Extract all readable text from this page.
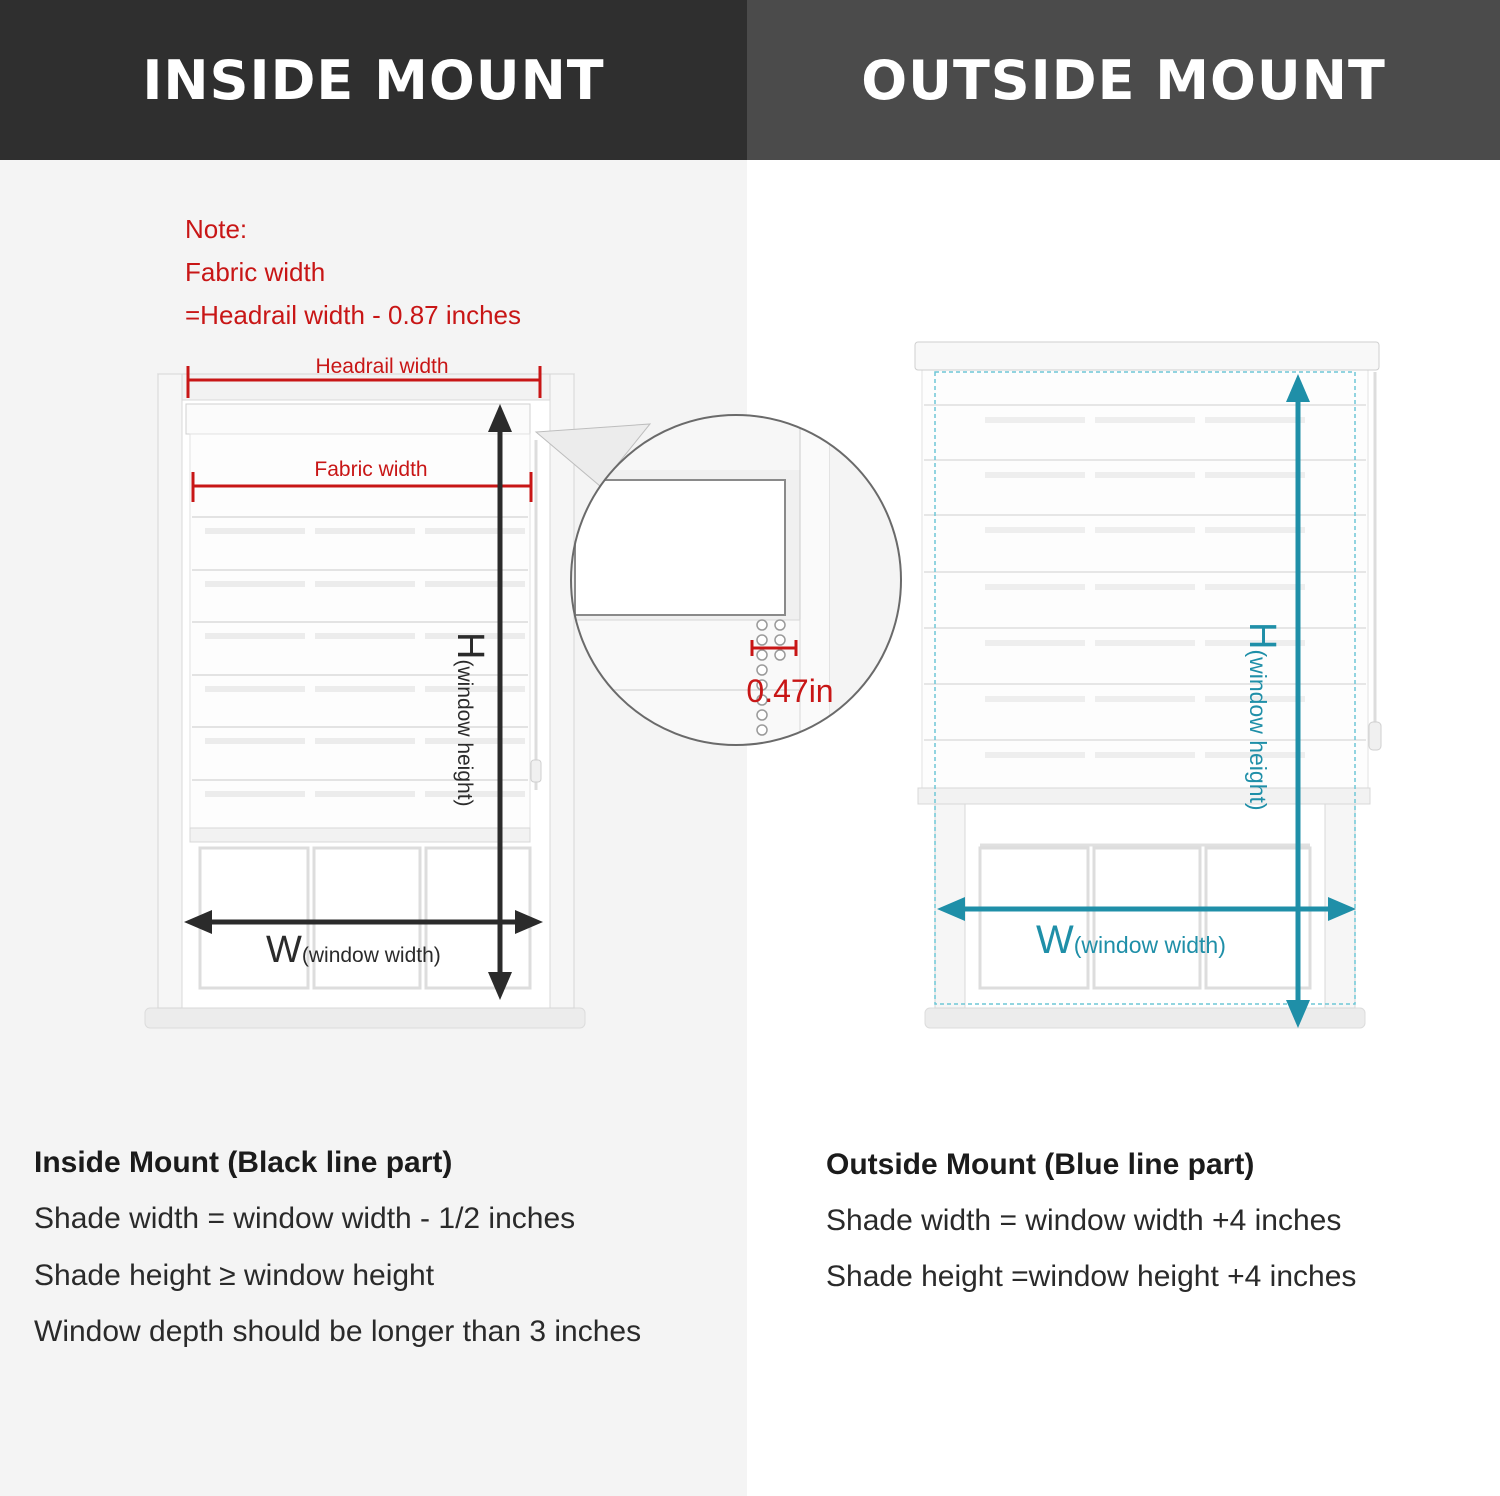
INSIDE MOUNT	OUTSIDE MOUNT
Headrail width
Fabric width
H(window height)
W(window width)
0.47in
H(window height)
W(window width)
Note:
Fabric width
=Headrail width - 0.87 inches
Inside Mount (Black line part)
Shade width = window width - 1/2 inches
Shade height ≥ window height
Window depth should be longer than 3 inches
Outside Mount (Blue line part)
Shade width = window width +4 inches
Shade height =window height +4 inches
